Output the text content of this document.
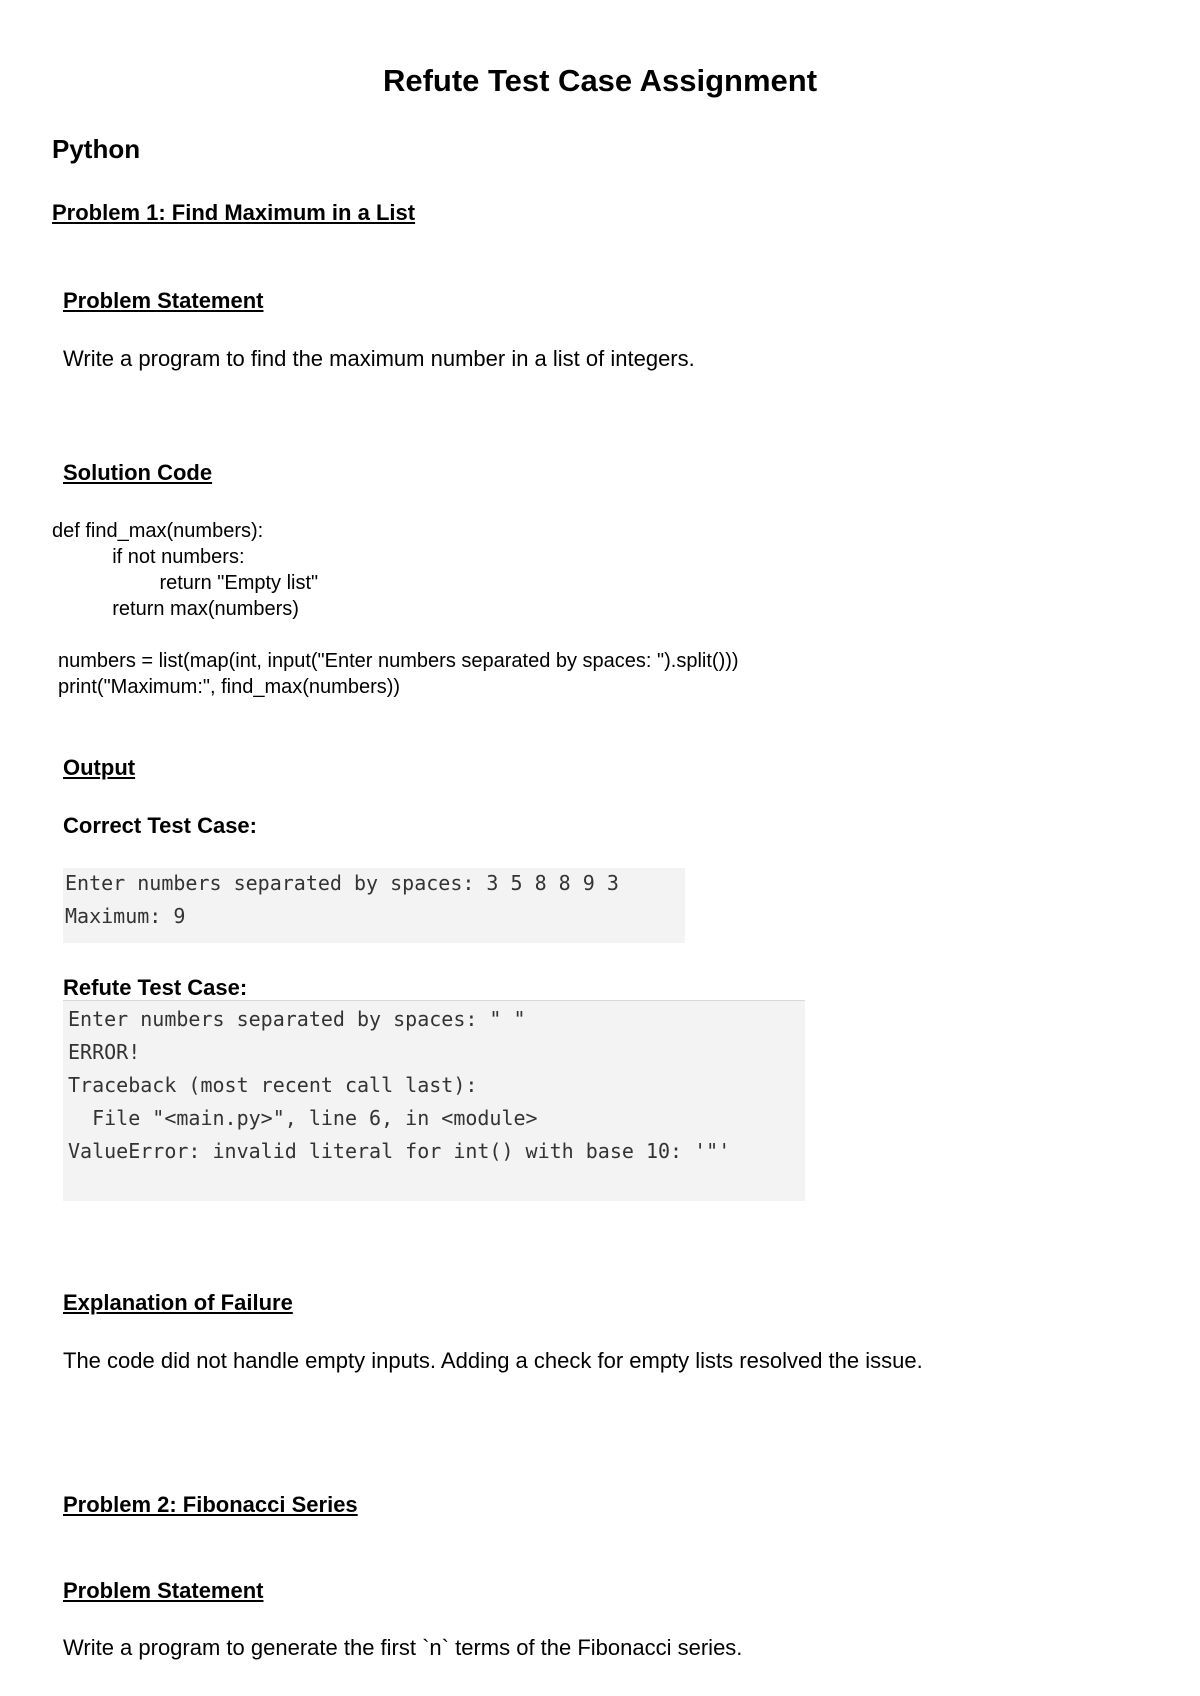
Refute Test Case Assignment
Python
Problem 1: Find Maximum in a List
Problem Statement
Write a program to find the maximum number in a list of integers.
Solution Code
def find_max(numbers):
if not numbers:
return "Empty list"
return max(numbers)
numbers = list(map(int, input("Enter numbers separated by spaces: ").split()))
print("Maximum:", find_max(numbers))
Output
Correct Test Case:
Enter numbers separated by spaces: 3 5 8 8 9 3
Maximum: 9
Refute Test Case:
Enter numbers separated by spaces: " "
ERROR!
Traceback (most recent call last):
File "<main.py>", line 6, in <module>
ValueError: invalid literal for int() with base 10: '"'
Explanation of Failure
The code did not handle empty inputs. Adding a check for empty lists resolved the issue.
Problem 2: Fibonacci Series
Problem Statement
Write a program to generate the first `n` terms of the Fibonacci series.
